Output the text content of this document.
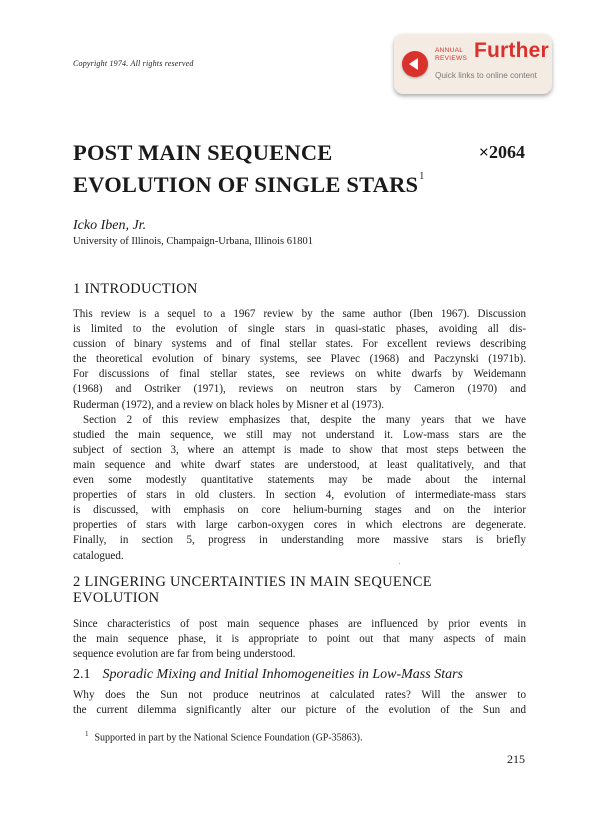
Copyright 1974. All rights reserved
ANNUAL
REVIEWS Further
Quick links to online content
POST MAIN SEQUENCE
EVOLUTION OF SINGLE $STARS^1$
×2064
Icko Iben, Jr.
University of Illinois, Champaign-Urbana, Illinois 61801
1 INTRODUCTION
This review is a sequel to a 1967 review by the same author (Iben 1967). Discussion
is limited to the evolution of single stars in quasi-static phases, avoiding all dis-
cussion of binary systems and of final stellar states. For excellent reviews describing
the theoretical evolution of binary systems, see Plavec (1968) and Paczynski (1971b).
For discussions of final stellar states, see reviews on white dwarfs by Weidemann
(1968) and Ostriker (1971), reviews on neutron stars by Cameron (1970) and
Ruderman (1972), and a review on black holes by Misner et al (1973).
Section 2 of this review emphasizes that, despite the many years that we have
studied the main sequence, we still may not understand it. Low-mass stars are the
subject of section 3, where an attempt is made to show that most steps between the
main sequence and white dwarf states are understood, at least qualitatively, and that
even some modestly quantitative statements may be made about the internal
properties of stars in old clusters. In section 4, evolution of intermediate-mass stars
is discussed, with emphasis on core helium-burning stages and on the interior
properties of stars with large carbon-oxygen cores in which electrons are degenerate.
Finally, in section 5, progress in understanding more massive stars is briefly
catalogued.
'
2 LINGERING UNCERTAINTIES IN MAIN SEQUENCE
EVOLUTION
Since characteristics of post main sequence phases are influenced by prior events in
the main sequence phase, it is appropriate to point out that many aspects of main
sequence evolution are far from being understood.
2.1 Sporadic Mixing and Initial Inhomogeneities in Low-Mass Stars
Why does the Sun not produce neutrinos at calculated rates? Will the answer to
the current dilemma significantly alter our picture of the evolution of the Sun and
$^1$ Supported in part by the National Science Foundation (GP-35863).
215
